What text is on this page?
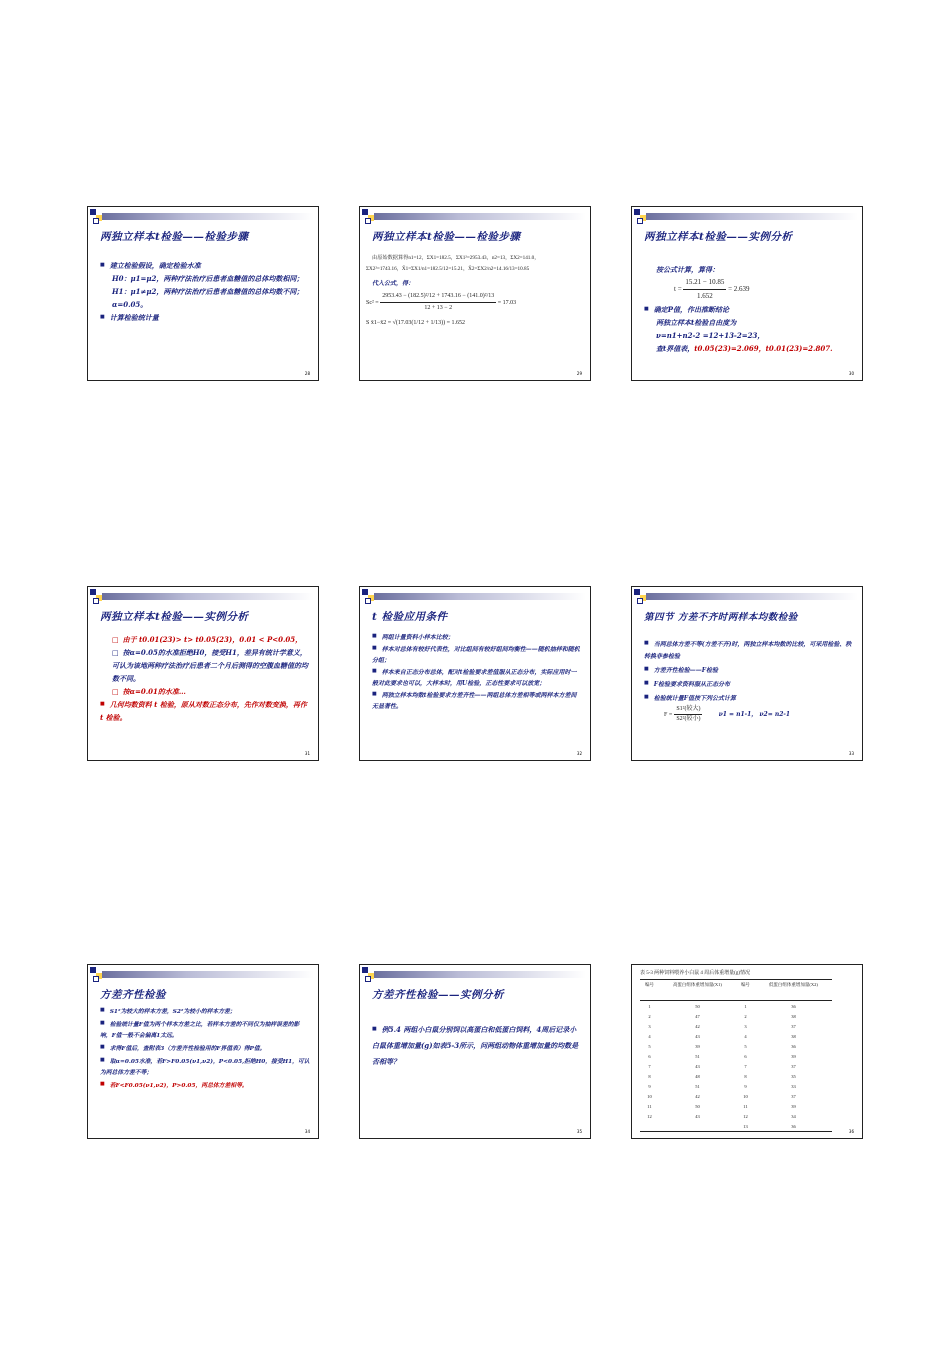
两独立样本t检验——检验步骤

■ 建立检验假设，确定检验水准

H0：μ1=μ2，两种疗法治疗后患者血糖值的总体均数相同；

H1：μ1≠μ2，两种疗法治疗后患者血糖值的总体均数不同；

α=0.05。

■ 计算检验统计量

28
两独立样本t检验——检验步骤

由原始数据算得n1=12，ΣX1=182.5，ΣX1²=2953.43，n2=13，ΣX2=141.0，

ΣX2²=1743.16，X̄1=ΣX1/n1=182.5/12=15.21，X̄2=ΣX2/n2=14.16/13=10.85

代入公式，得：

$Sc^2 = \frac{\text{2953.43 − (182.5)²/12 + 1743.16 − (141.0)²/13}}{12 + 13 - 2} = 17.03$
S x̄1−x̄2 = √(17.03(1/12 + 1/13)) = 1.652
29
两独立样本t检验——实例分析

按公式计算，算得：

$t = \frac{15.21 - 10.85}{1.652} = 2.639$

■ 确定P值，作出推断结论

两独立样本t检验自由度为

ν=n1+n2-2 =12+13-2=23，

查t界值表，t0.05(23)=2.069，t0.01(23)=2.807.

30
两独立样本t检验——实例分析

□ 由于 t0.01(23)> t> t0.05(23)，0.01 < P<0.05，

□ 按α=0.05的水准拒绝H0，接受H1，差异有统计学意义，可认为该地两种疗法治疗后患者二个月后测得的空腹血糖值的均数不同。

□ 按α=0.01的水准…

■ 几何均数资料 t 检验，原从对数正态分布，先作对数变换，再作 t 检验。

31
t 检验应用条件

■ 两组计量资料小样本比较；

■ 样本对总体有较好代表性，对比组间有较好组间均衡性——随机抽样和随机分组；

■ 样本来自正态分布总体，配对t检验要求差值服从正态分布，实际应用时一般对此要求也可以，大样本时，用U检验，正态性要求可以放宽；

■ 两独立样本均数t检验要求方差齐性——两组总体方差相等或两样本方差间无显著性。

32
第四节 方差不齐时两样本均数检验

■ 当两总体方差不等(方差不齐)时，两独立样本均数的比较，可采用检验、秩转换非参检验

■ 方差齐性检验——F检验

■ F检验要求资料服从正态分布

■ 检验统计量F值按下列公式计算

$F = \frac{\text{S1²(较大)}}{\text{S2²(较小)}}$	ν1 = n1-1， ν2= n2-1
33
方差齐性检验

■ S1²为较大的样本方差，S2²为较小的样本方差；

■ 检验统计量F值为两个样本方差之比，若样本方差的不同仅为抽样误差的影响，F值一般不会偏离1太远。

■ 求得F值后，查附表3（方差齐性检验用的F界值表）得P值。

■ 取α=0.05水准，若F>F0.05(ν1,ν2)，P<0.05,拒绝H0，接受H1，可认为两总体方差不等；

■ 若F<F0.05(ν1,ν2)，P>0.05，两总体方差相等。

34
方差齐性检验——实例分析

■ 例5.4 两组小白鼠分别饲以高蛋白和低蛋白饲料，4周后记录小白鼠体重增加量(g)如表5-3所示，问两组动物体重增加量的均数是否相等？

35
表 5-3 两种饲料喂养小白鼠 4 周后体重增量(g)情况
编号	高蛋白组体重增加量(X1)	编号	低蛋白组体重增加量(X2)

1	50	1	36
2	47	2	38
3	42	3	37
4	43	4	38
5	39	5	36
6	51	6	39
7	43	7	37
8	48	8	35
9	51	9	33
10	42	10	37
11	50	11	39
12	43	12	34
		13	36
36
